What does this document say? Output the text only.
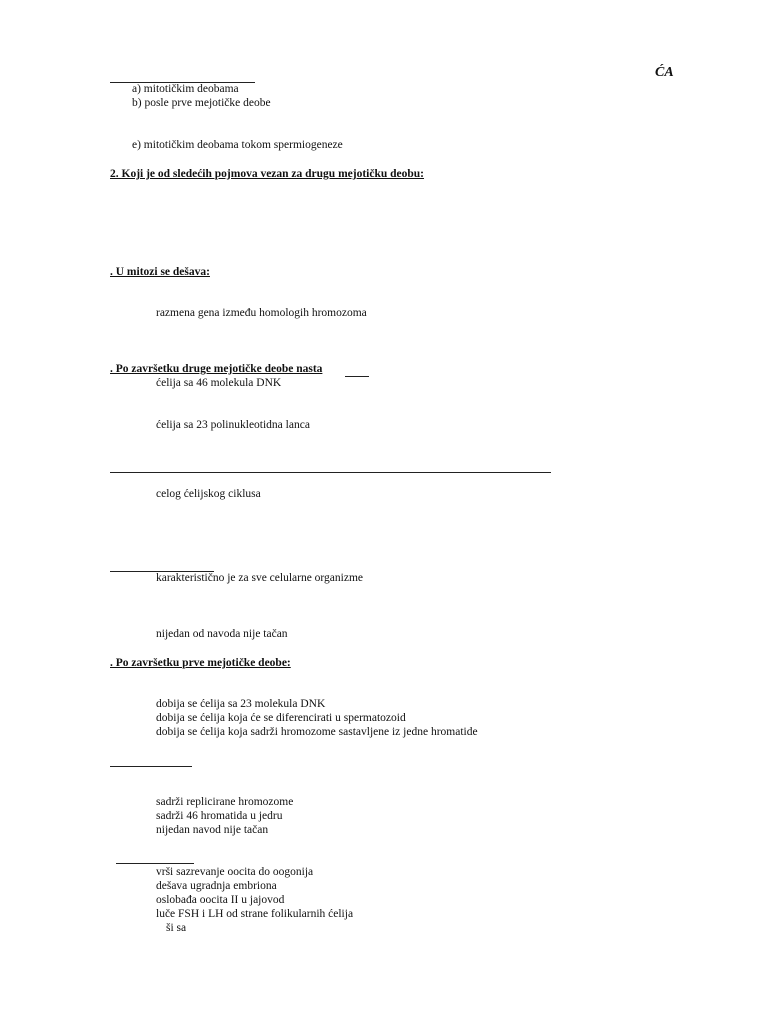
ĆA
a) mitotičkim deobama
b) posle prve mejotičke deobe
e) mitotičkim deobama tokom spermiogeneze
2. Koji je od sledećih pojmova vezan za drugu mejotičku deobu:
. U mitozi se dešava:
razmena gena između homologih hromozoma
. Po završetku druge mejotičke deobe nasta
ćelija sa 46 molekula DNK
ćelija sa 23 polinukleotidna lanca
celog ćelijskog ciklusa
karakteristično je za sve celularne organizme
nijedan od navoda nije tačan
. Po završetku prve mejotičke deobe:
dobija se ćelija sa 23 molekula DNK
dobija se ćelija koja će se diferencirati u spermatozoid
dobija se ćelija koja sadrži hromozome sastavljene iz jedne hromatide
sadrži replicirane hromozome
sadrži 46 hromatida u jedru
nijedan navod nije tačan
vrši sazrevanje oocita do oogonija
dešava ugradnja embriona
oslobađa oocita II u jajovod
luče FSH i LH od strane folikularnih ćelija
ši sa
